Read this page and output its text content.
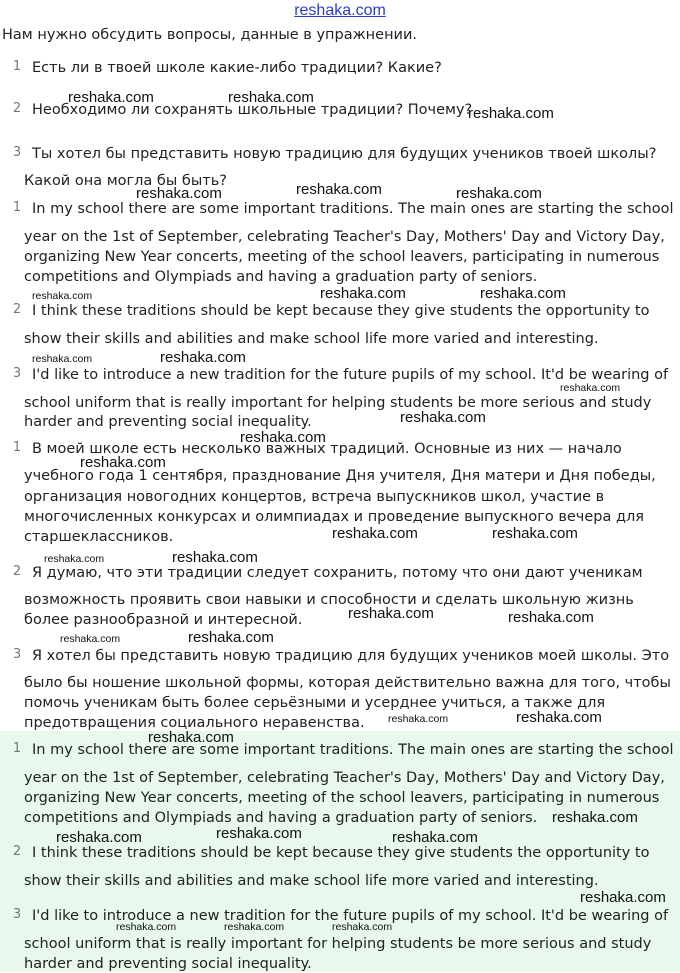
reshaka.com
Нам нужно обсудить вопросы, данные в упражнении.
1 Есть ли в твоей школе какие-либо традиции? Какие?
2 Необходимо ли сохранять школьные традиции? Почему?
3 Ты хотел бы представить новую традицию для будущих учеников твоей школы?
Какой она могла бы быть?
1 In my school there are some important traditions. The main ones are starting the school
year on the 1st of September, celebrating Teacher's Day, Mothers' Day and Victory Day,
organizing New Year concerts, meeting of the school leavers, participating in numerous
competitions and Olympiads and having a graduation party of seniors.
2 I think these traditions should be kept because they give students the opportunity to
show their skills and abilities and make school life more varied and interesting.
3 I'd like to introduce a new tradition for the future pupils of my school. It'd be wearing of
school uniform that is really important for helping students be more serious and study
harder and preventing social inequality.
1 В моей школе есть несколько важных традиций. Основные из них — начало
учебного года 1 сентября, празднование Дня учителя, Дня матери и Дня победы,
организация новогодних концертов, встреча выпускников школ, участие в
многочисленных конкурсах и олимпиадах и проведение выпускного вечера для
старшеклассников.
2 Я думаю, что эти традиции следует сохранить, потому что они дают ученикам
возможность проявить свои навыки и способности и сделать школьную жизнь
более разнообразной и интересной.
3 Я хотел бы представить новую традицию для будущих учеников моей школы. Это
было бы ношение школьной формы, которая действительно важна для того, чтобы
помочь ученикам быть более серьёзными и усерднее учиться, а также для
предотвращения социального неравенства.
1 In my school there are some important traditions. The main ones are starting the school
year on the 1st of September, celebrating Teacher's Day, Mothers' Day and Victory Day,
organizing New Year concerts, meeting of the school leavers, participating in numerous
competitions and Olympiads and having a graduation party of seniors.
2 I think these traditions should be kept because they give students the opportunity to
show their skills and abilities and make school life more varied and interesting.
3 I'd like to introduce a new tradition for the future pupils of my school. It'd be wearing of
school uniform that is really important for helping students be more serious and study
harder and preventing social inequality.
reshaka.com	reshaka.com
reshaka.com
reshaka.com	reshaka.com	reshaka.com
reshaka.com	reshaka.com	reshaka.com
reshaka.com	reshaka.com
reshaka.com
reshaka.com
reshaka.com
reshaka.com
reshaka.com	reshaka.com
reshaka.com	reshaka.com
reshaka.com	reshaka.com
reshaka.com	reshaka.com
reshaka.com	reshaka.com
reshaka.com
reshaka.com
reshaka.com	reshaka.com	reshaka.com
reshaka.com
reshaka.com	reshaka.com	reshaka.com
